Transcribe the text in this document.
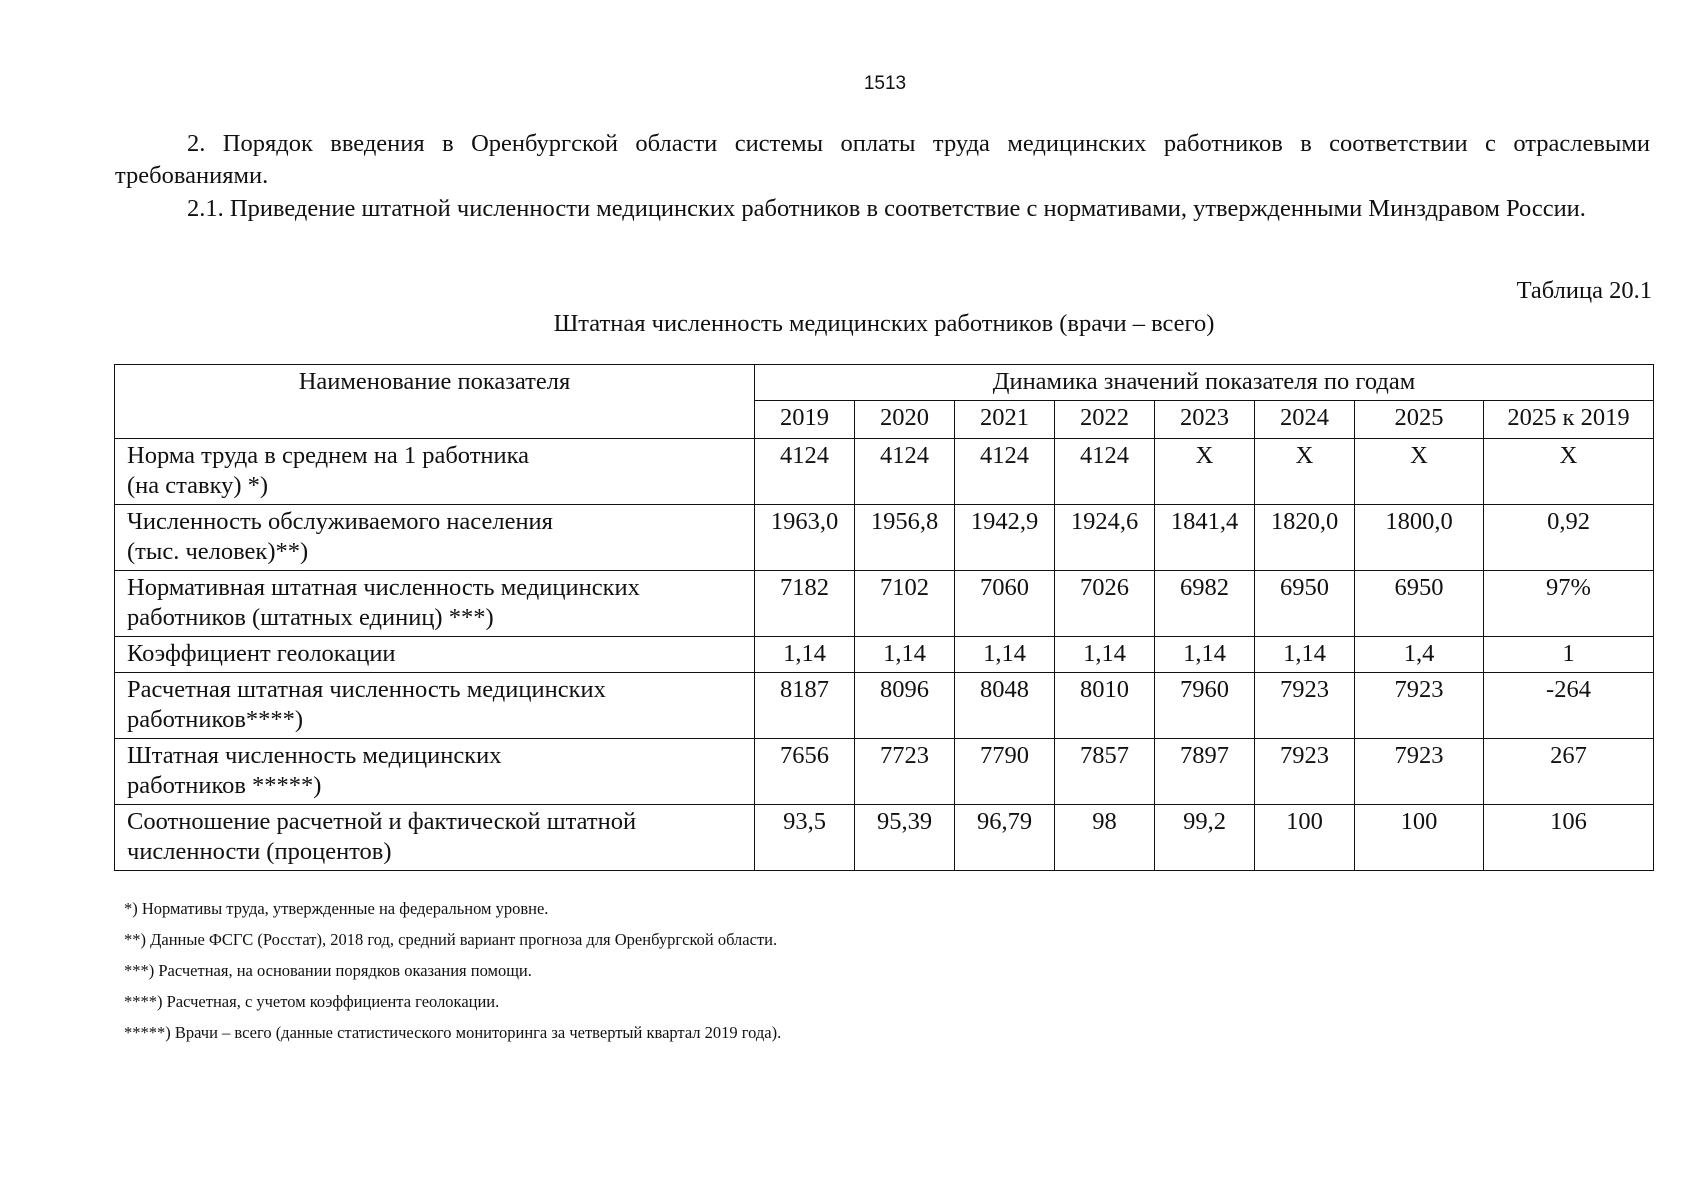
1513

2. Порядок введения в Оренбургской области системы оплаты труда медицинских работников в соответствии с отраслевыми требованиями.

2.1. Приведение штатной численности медицинских работников в соответствие с нормативами, утвержденными Минздравом России.

Таблица 20.1
Штатная численность медицинских работников (врачи – всего)
Наименование показателя	Динамика значений показателя по годам							
	2019	2020	2021	2022	2023	2024	2025	2025 к 2019

Норма труда в среднем на 1 работника
(на ставку) *)	4124	4124	4124	4124	Х	Х	Х	Х

Численность обслуживаемого населения
(тыс. человек)**)	1963,0	1956,8	1942,9	1924,6	1841,4	1820,0	1800,0	0,92

Нормативная штатная численность медицинских
работников (штатных единиц) ***)	7182	7102	7060	7026	6982	6950	6950	97%

Коэффициент геолокации	1,14	1,14	1,14	1,14	1,14	1,14	1,4	1

Расчетная штатная численность медицинских
работников****)	8187	8096	8048	8010	7960	7923	7923	-264

Штатная численность медицинских
работников *****)	7656	7723	7790	7857	7897	7923	7923	267

Соотношение расчетной и фактической штатной
численности (процентов)	93,5	95,39	96,79	98	99,2	100	100	106
*) Нормативы труда, утвержденные на федеральном уровне.
**) Данные ФСГС (Росстат), 2018 год, средний вариант прогноза для Оренбургской области.
***) Расчетная, на основании порядков оказания помощи.
****) Расчетная, с учетом коэффициента геолокации.
*****) Врачи – всего (данные статистического мониторинга за четвертый квартал 2019 года).
